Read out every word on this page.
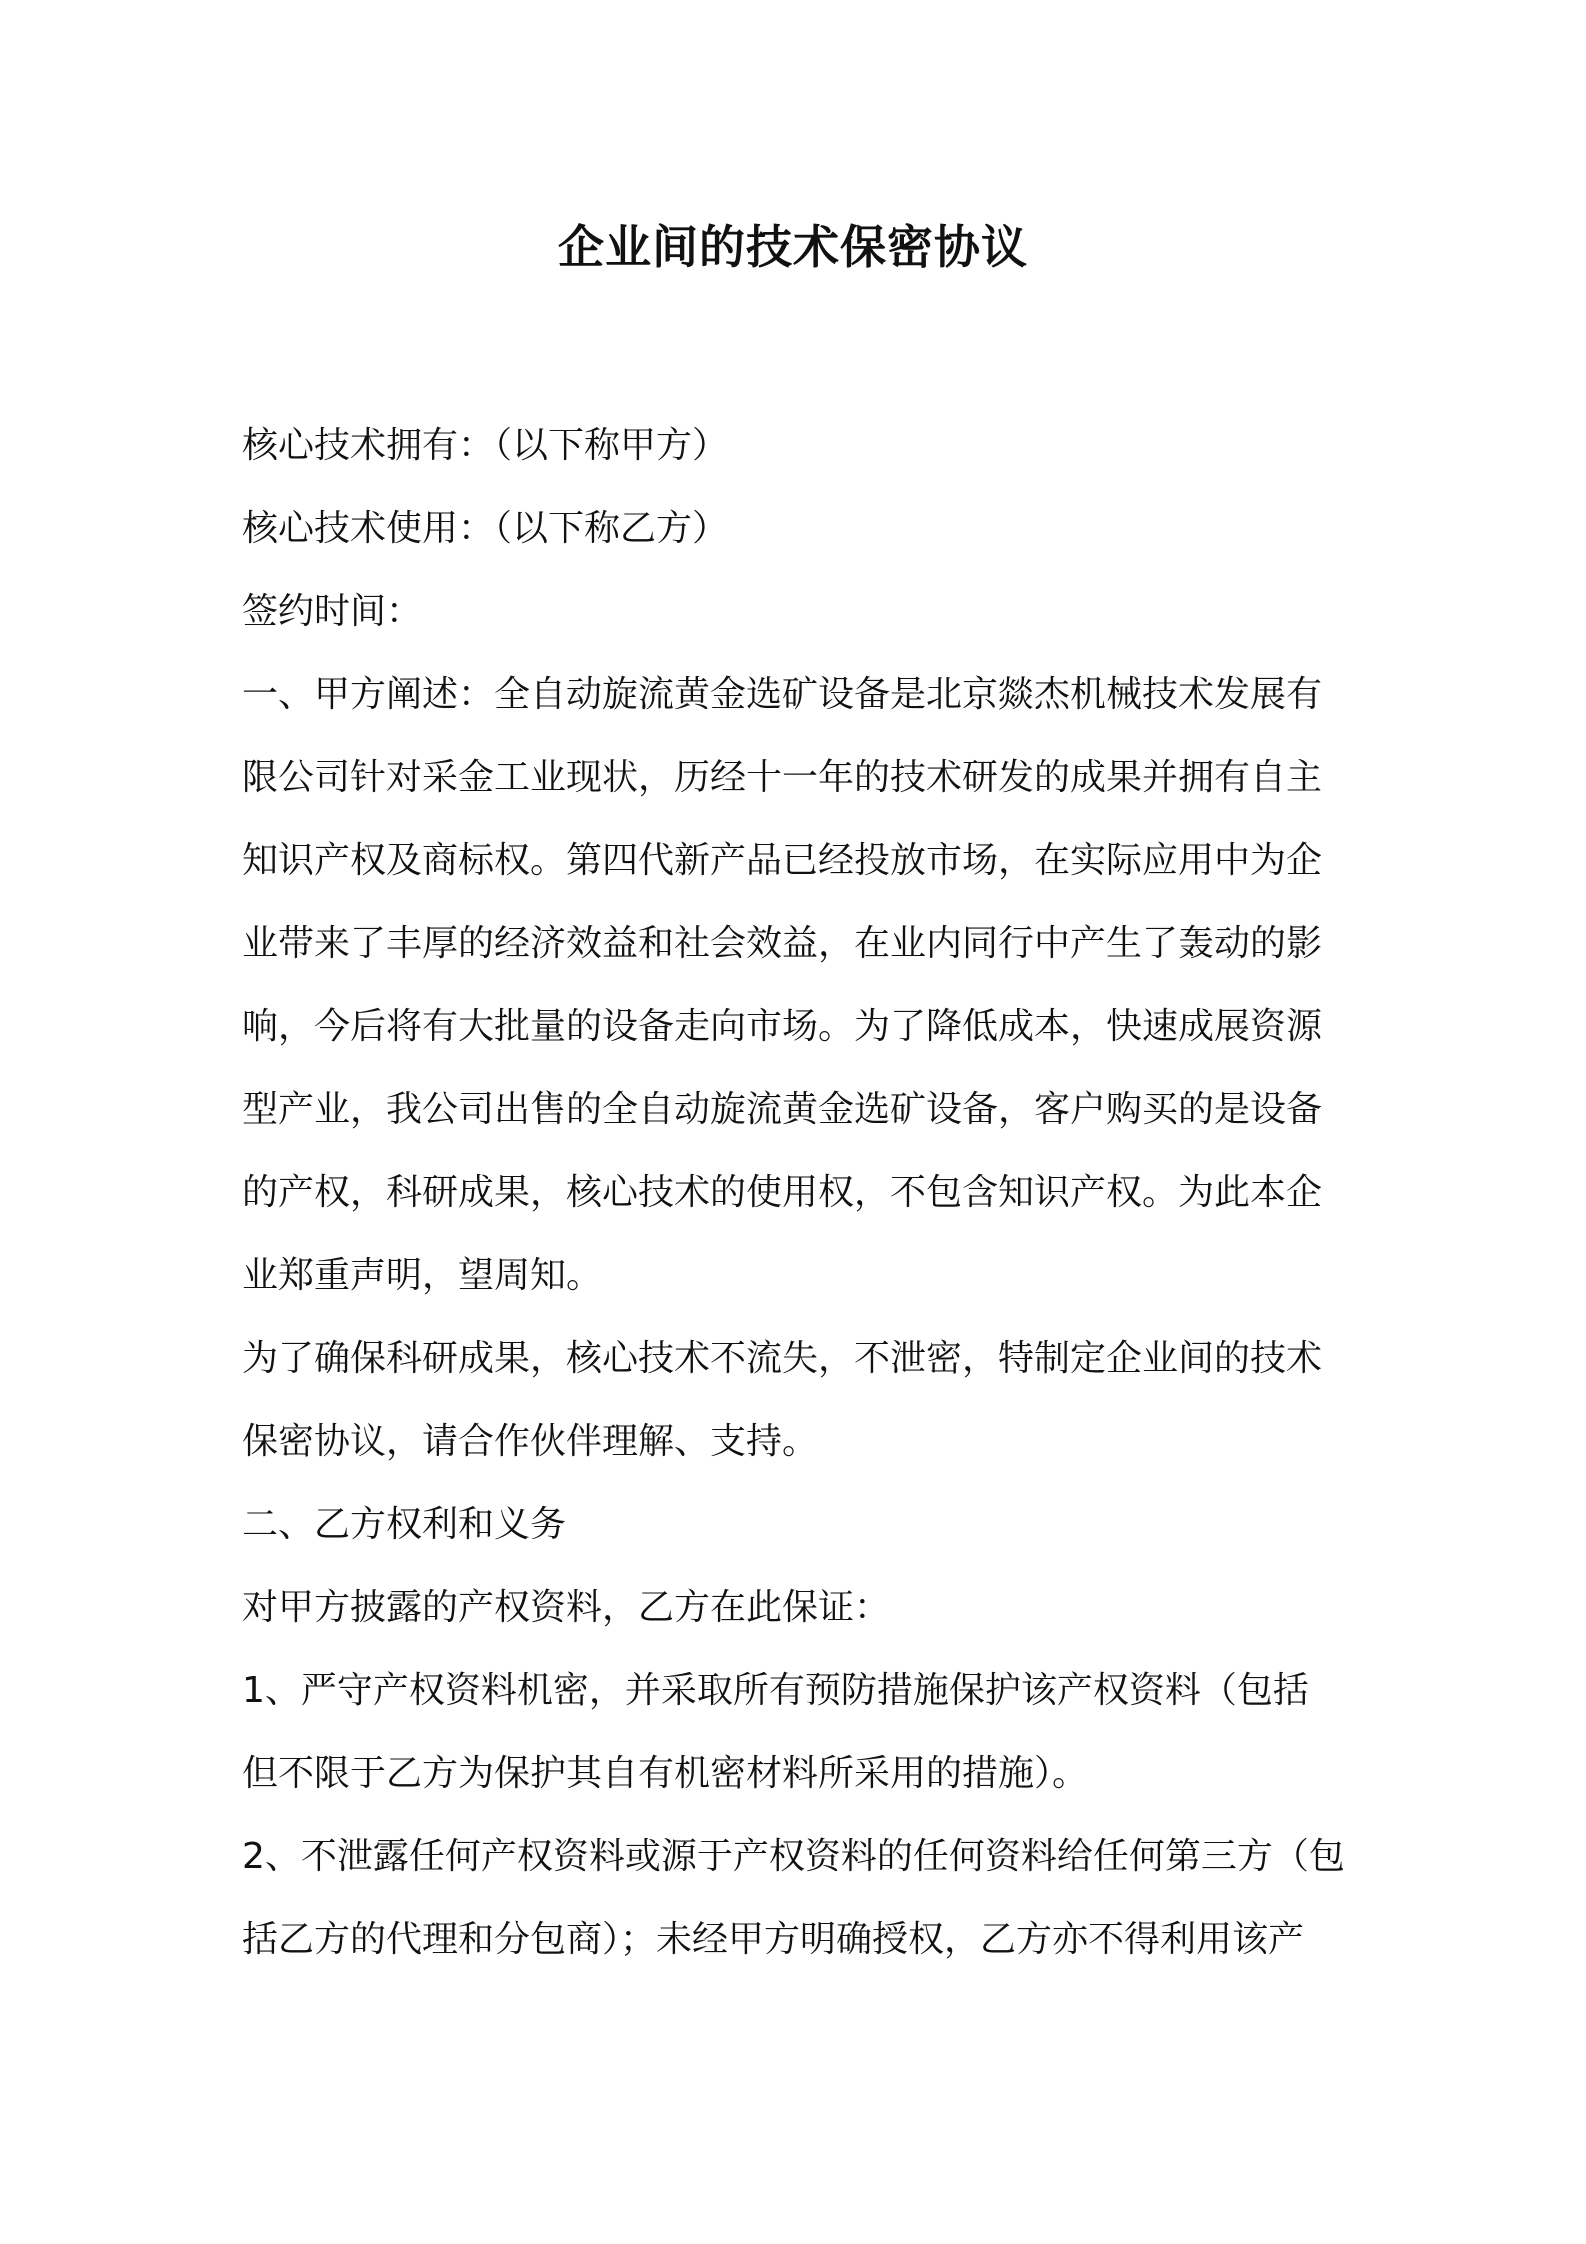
企业间的技术保密协议
核心技术拥有：（以下称甲方）
核心技术使用：（以下称乙方）
签约时间：
一、甲方阐述：全自动旋流黄金选矿设备是北京燚杰机械技术发展有
限公司针对采金工业现状，历经十一年的技术研发的成果并拥有自主
知识产权及商标权。第四代新产品已经投放市场，在实际应用中为企
业带来了丰厚的经济效益和社会效益，在业内同行中产生了轰动的影
响，今后将有大批量的设备走向市场。为了降低成本，快速成展资源
型产业，我公司出售的全自动旋流黄金选矿设备，客户购买的是设备
的产权，科研成果，核心技术的使用权，不包含知识产权。为此本企
业郑重声明，望周知。
为了确保科研成果，核心技术不流失，不泄密，特制定企业间的技术
保密协议，请合作伙伴理解、支持。
二、乙方权利和义务
对甲方披露的产权资料，乙方在此保证：
1、严守产权资料机密，并采取所有预防措施保护该产权资料（包括
但不限于乙方为保护其自有机密材料所采用的措施）。
2、不泄露任何产权资料或源于产权资料的任何资料给任何第三方（包
括乙方的代理和分包商）；未经甲方明确授权，乙方亦不得利用该产
